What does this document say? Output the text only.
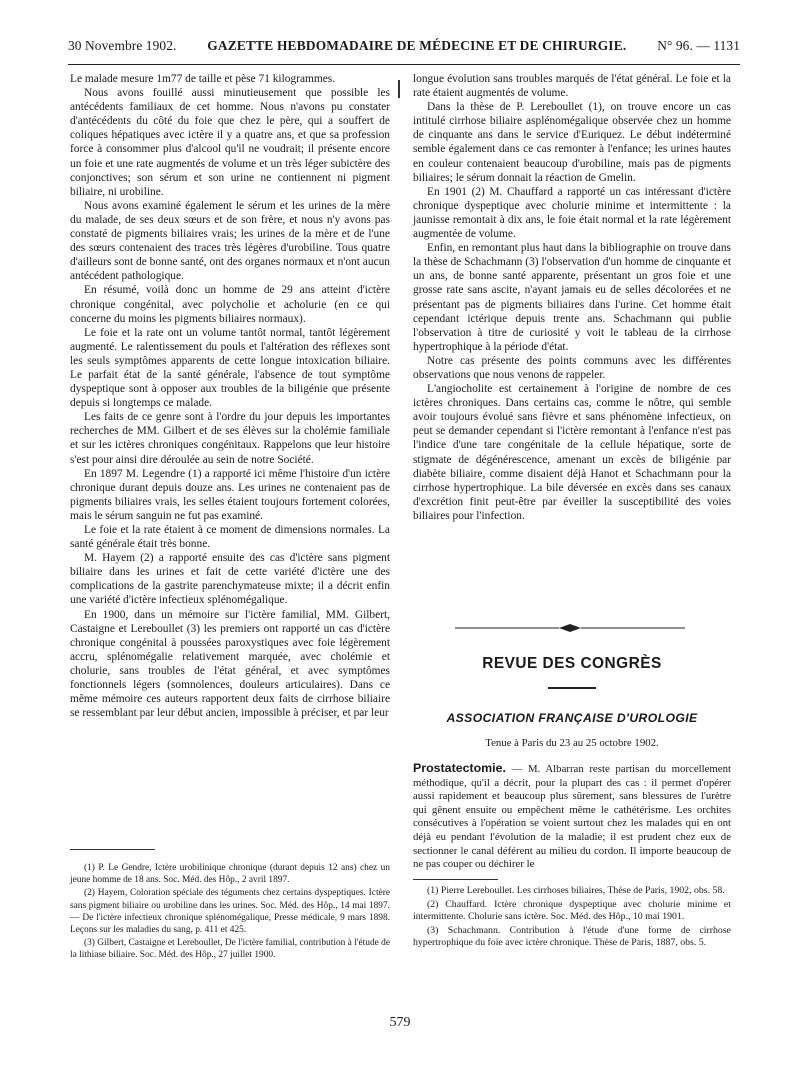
30 Novembre 1902. GAZETTE HEBDOMADAIRE DE MÉDECINE ET DE CHIRURGIE. N° 96. — 1131

Le malade mesure 1m77 de taille et pèse 71 kilogrammes.

Nous avons fouillé aussi minutieusement que possible les antécédents familiaux de cet homme. Nous n'avons pu constater d'antécédents du côté du foie que chez le père, qui a souffert de coliques hépatiques avec ictère il y a quatre ans, et que sa profession force à consommer plus d'alcool qu'il ne voudrait; il présente encore un foie et une rate augmentés de volume et un très léger subictère des conjonctives; son sérum et son urine ne contiennent ni pigment biliaire, ni urobiline.

Nous avons examiné également le sérum et les urines de la mère du malade, de ses deux sœurs et de son frère, et nous n'y avons pas constaté de pigments biliaires vrais; les urines de la mère et de l'une des sœurs contenaient des traces très légères d'urobiline. Tous quatre d'ailleurs sont de bonne santé, ont des organes normaux et n'ont aucun antécédent pathologique.

En résumé, voilà donc un homme de 29 ans atteint d'ictère chronique congénital, avec polycholie et acholurie (en ce qui concerne du moins les pigments biliaires normaux).

Le foie et la rate ont un volume tantôt normal, tantôt légèrement augmenté. Le ralentissement du pouls et l'altération des réflexes sont les seuls symptômes apparents de cette longue intoxication biliaire. Le parfait état de la santé générale, l'absence de tout symptôme dyspeptique sont à opposer aux troubles de la biligénie que présente depuis si longtemps ce malade.

Les faits de ce genre sont à l'ordre du jour depuis les importantes recherches de MM. Gilbert et de ses élèves sur la cholémie familiale et sur les ictères chroniques congénitaux. Rappelons que leur histoire s'est pour ainsi dire déroulée au sein de notre Société.

En 1897 M. Legendre (1) a rapporté ici même l'histoire d'un ictère chronique durant depuis douze ans. Les urines ne contenaient pas de pigments biliaires vrais, les selles étaient toujours fortement colorées, mais le sérum sanguin ne fut pas examiné.

Le foie et la rate étaient à ce moment de dimensions normales. La santé générale était très bonne.

M. Hayem (2) a rapporté ensuite des cas d'ictère sans pigment biliaire dans les urines et fait de cette variété d'ictère une des complications de la gastrite parenchymateuse mixte; il a décrit enfin une variété d'ictère infectieux splénomégalique.

En 1900, dans un mémoire sur l'ictère familial, MM. Gilbert, Castaigne et Lereboullet (3) les premiers ont rapporté un cas d'ictère chronique congénital à poussées paroxystiques avec foie légèrement accru, splénomégalie relativement marquée, avec cholémie et cholurie, sans troubles de l'état général, et avec symptômes fonctionnels légers (somnolences, douleurs articulaires). Dans ce même mémoire ces auteurs rapportent deux faits de cirrhose biliaire se ressemblant par leur début ancien, impossible à préciser, et par leur

(1) P. Le Gendre, Ictère urobilinique chronique (durant depuis 12 ans) chez un jeune homme de 18 ans. Soc. Méd. des Hôp., 2 avril 1897.

(2) Hayem, Coloration spéciale des téguments chez certains dyspeptiques. Ictère sans pigment biliaire ou urobiline dans les urines. Soc. Méd. des Hôp., 14 mai 1897. — De l'ictère infectieux chronique splénomégalique, Presse médicale, 9 mars 1898. Leçons sur les maladies du sang, p. 411 et 425.

(3) Gilbert, Castaigne et Lereboullet, De l'ictère familial, contribution à l'étude de la lithiase biliaire. Soc. Méd. des Hôp., 27 juillet 1900.

longue évolution sans troubles marqués de l'état général. Le foie et la rate étaient augmentés de volume.

Dans la thèse de P. Lereboullet (1), on trouve encore un cas intitulé cirrhose biliaire asplénomégalique observée chez un homme de cinquante ans dans le service d'Euriquez. Le début indéterminé semble également dans ce cas remonter à l'enfance; les urines hautes en couleur contenaient beaucoup d'urobiline, mais pas de pigments biliaires; le sérum donnait la réaction de Gmelin.

En 1901 (2) M. Chauffard a rapporté un cas intéressant d'ictère chronique dyspeptique avec cholurie minime et intermittente : la jaunisse remontait à dix ans, le foie était normal et la rate légèrement augmentée de volume.

Enfin, en remontant plus haut dans la bibliographie on trouve dans la thèse de Schachmann (3) l'observation d'un homme de cinquante et un ans, de bonne santé apparente, présentant un gros foie et une grosse rate sans ascite, n'ayant jamais eu de selles décolorées et ne présentant pas de pigments biliaires dans l'urine. Cet homme était cependant ictérique depuis trente ans. Schachmann qui publie l'observation à titre de curiosité y voit le tableau de la cirrhose hypertrophique à la période d'état.

Notre cas présente des points communs avec les différentes observations que nous venons de rappeler.

L'angiocholite est certainement à l'origine de nombre de ces ictères chroniques. Dans certains cas, comme le nôtre, qui semble avoir toujours évolué sans fièvre et sans phénomène infectieux, on peut se demander cependant si l'ictère remontant à l'enfance n'est pas l'indice d'une tare congénitale de la cellule hépatique, sorte de stigmate de dégénérescence, amenant un excès de biligénie par diabète biliaire, comme disaient déjà Hanot et Schachmann pour la cirrhose hypertrophique. La bile déversée en excès dans ses canaux d'excrétion finit peut-être par éveiller la susceptibilité des voies biliaires pour l'infection.

REVUE DES CONGRÈS
ASSOCIATION FRANÇAISE D'UROLOGIE
Tenue à Paris du 23 au 25 octobre 1902.
Prostatectomie. — M. Albarran reste partisan du morcellement méthodique, qu'il a décrit, pour la plupart des cas : il permet d'opérer aussi rapidement et beaucoup plus sûrement, sans blessures de l'urètre qui gênent ensuite ou empêchent même le cathétérisme. Les orchites consécutives à l'opération se voient surtout chez les malades qui en ont déjà eu pendant l'évolution de la maladie; il est prudent chez eux de sectionner le canal déférent au milieu du cordon. Il importe beaucoup de ne pas couper ou déchirer le

(1) Pierre Lereboullet. Les cirrhoses biliaires, Thèse de Paris, 1902, obs. 58.

(2) Chauffard. Ictère chronique dyspeptique avec cholurie minime et intermittente. Cholurie sans ictère. Soc. Méd. des Hôp., 10 mai 1901.

(3) Schachmann. Contribution à l'étude d'une forme de cirrhose hypertrophique du foie avec ictère chronique. Thèse de Paris, 1887, obs. 5.

579
